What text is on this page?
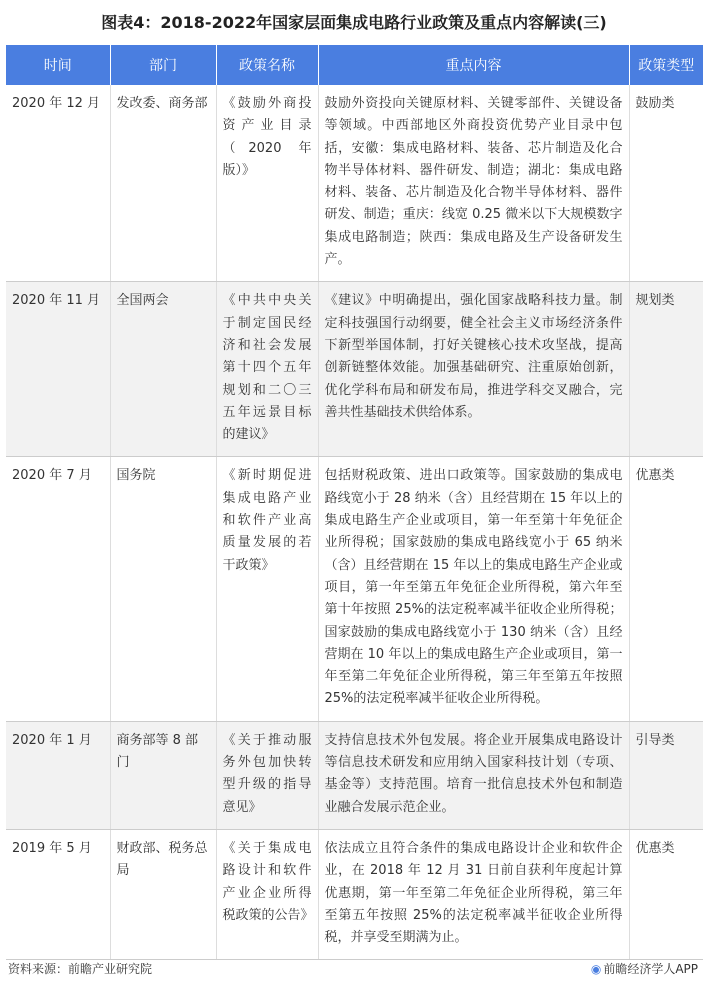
图表4：2018-2022年国家层面集成电路行业政策及重点内容解读(三)
时间	部门	政策名称	重点内容	政策类型
2020 年 12 月	发改委、商务部	《鼓励外商投资产业目录（2020 年版）》	鼓励外资投向关键原材料、关键零部件、关键设备等领域。中西部地区外商投资优势产业目录中包括，安徽：集成电路材料、装备、芯片制造及化合物半导体材料、器件研发、制造；湖北：集成电路材料、装备、芯片制造及化合物半导体材料、器件研发、制造；重庆：线宽 0.25 微米以下大规模数字集成电路制造；陕西：集成电路及生产设备研发生产。	鼓励类
2020 年 11 月	全国两会	《中共中央关于制定国民经济和社会发展第十四个五年规划和二〇三五年远景目标的建议》	《建议》中明确提出，强化国家战略科技力量。制定科技强国行动纲要，健全社会主义市场经济条件下新型举国体制，打好关键核心技术攻坚战，提高创新链整体效能。加强基础研究、注重原始创新，优化学科布局和研发布局，推进学科交叉融合，完善共性基础技术供给体系。	规划类
2020 年 7 月	国务院	《新时期促进集成电路产业和软件产业高质量发展的若干政策》	包括财税政策、进出口政策等。国家鼓励的集成电路线宽小于 28 纳米（含）且经营期在 15 年以上的集成电路生产企业或项目，第一年至第十年免征企业所得税；国家鼓励的集成电路线宽小于 65 纳米（含）且经营期在 15 年以上的集成电路生产企业或项目，第一年至第五年免征企业所得税，第六年至第十年按照 25%的法定税率减半征收企业所得税；国家鼓励的集成电路线宽小于 130 纳米（含）且经营期在 10 年以上的集成电路生产企业或项目，第一年至第二年免征企业所得税，第三年至第五年按照 25%的法定税率减半征收企业所得税。	优惠类
2020 年 1 月	商务部等 8 部门	《关于推动服务外包加快转型升级的指导意见》	支持信息技术外包发展。将企业开展集成电路设计等信息技术研发和应用纳入国家科技计划（专项、基金等）支持范围。培育一批信息技术外包和制造业融合发展示范企业。	引导类
2019 年 5 月	财政部、税务总局	《关于集成电路设计和软件产业企业所得税政策的公告》	依法成立且符合条件的集成电路设计企业和软件企业，在 2018 年 12 月 31 日前自获利年度起计算优惠期，第一年至第二年免征企业所得税，第三年至第五年按照 25%的法定税率减半征收企业所得税，并享受至期满为止。	优惠类
资料来源：前瞻产业研究院	◉ 前瞻经济学人APP
